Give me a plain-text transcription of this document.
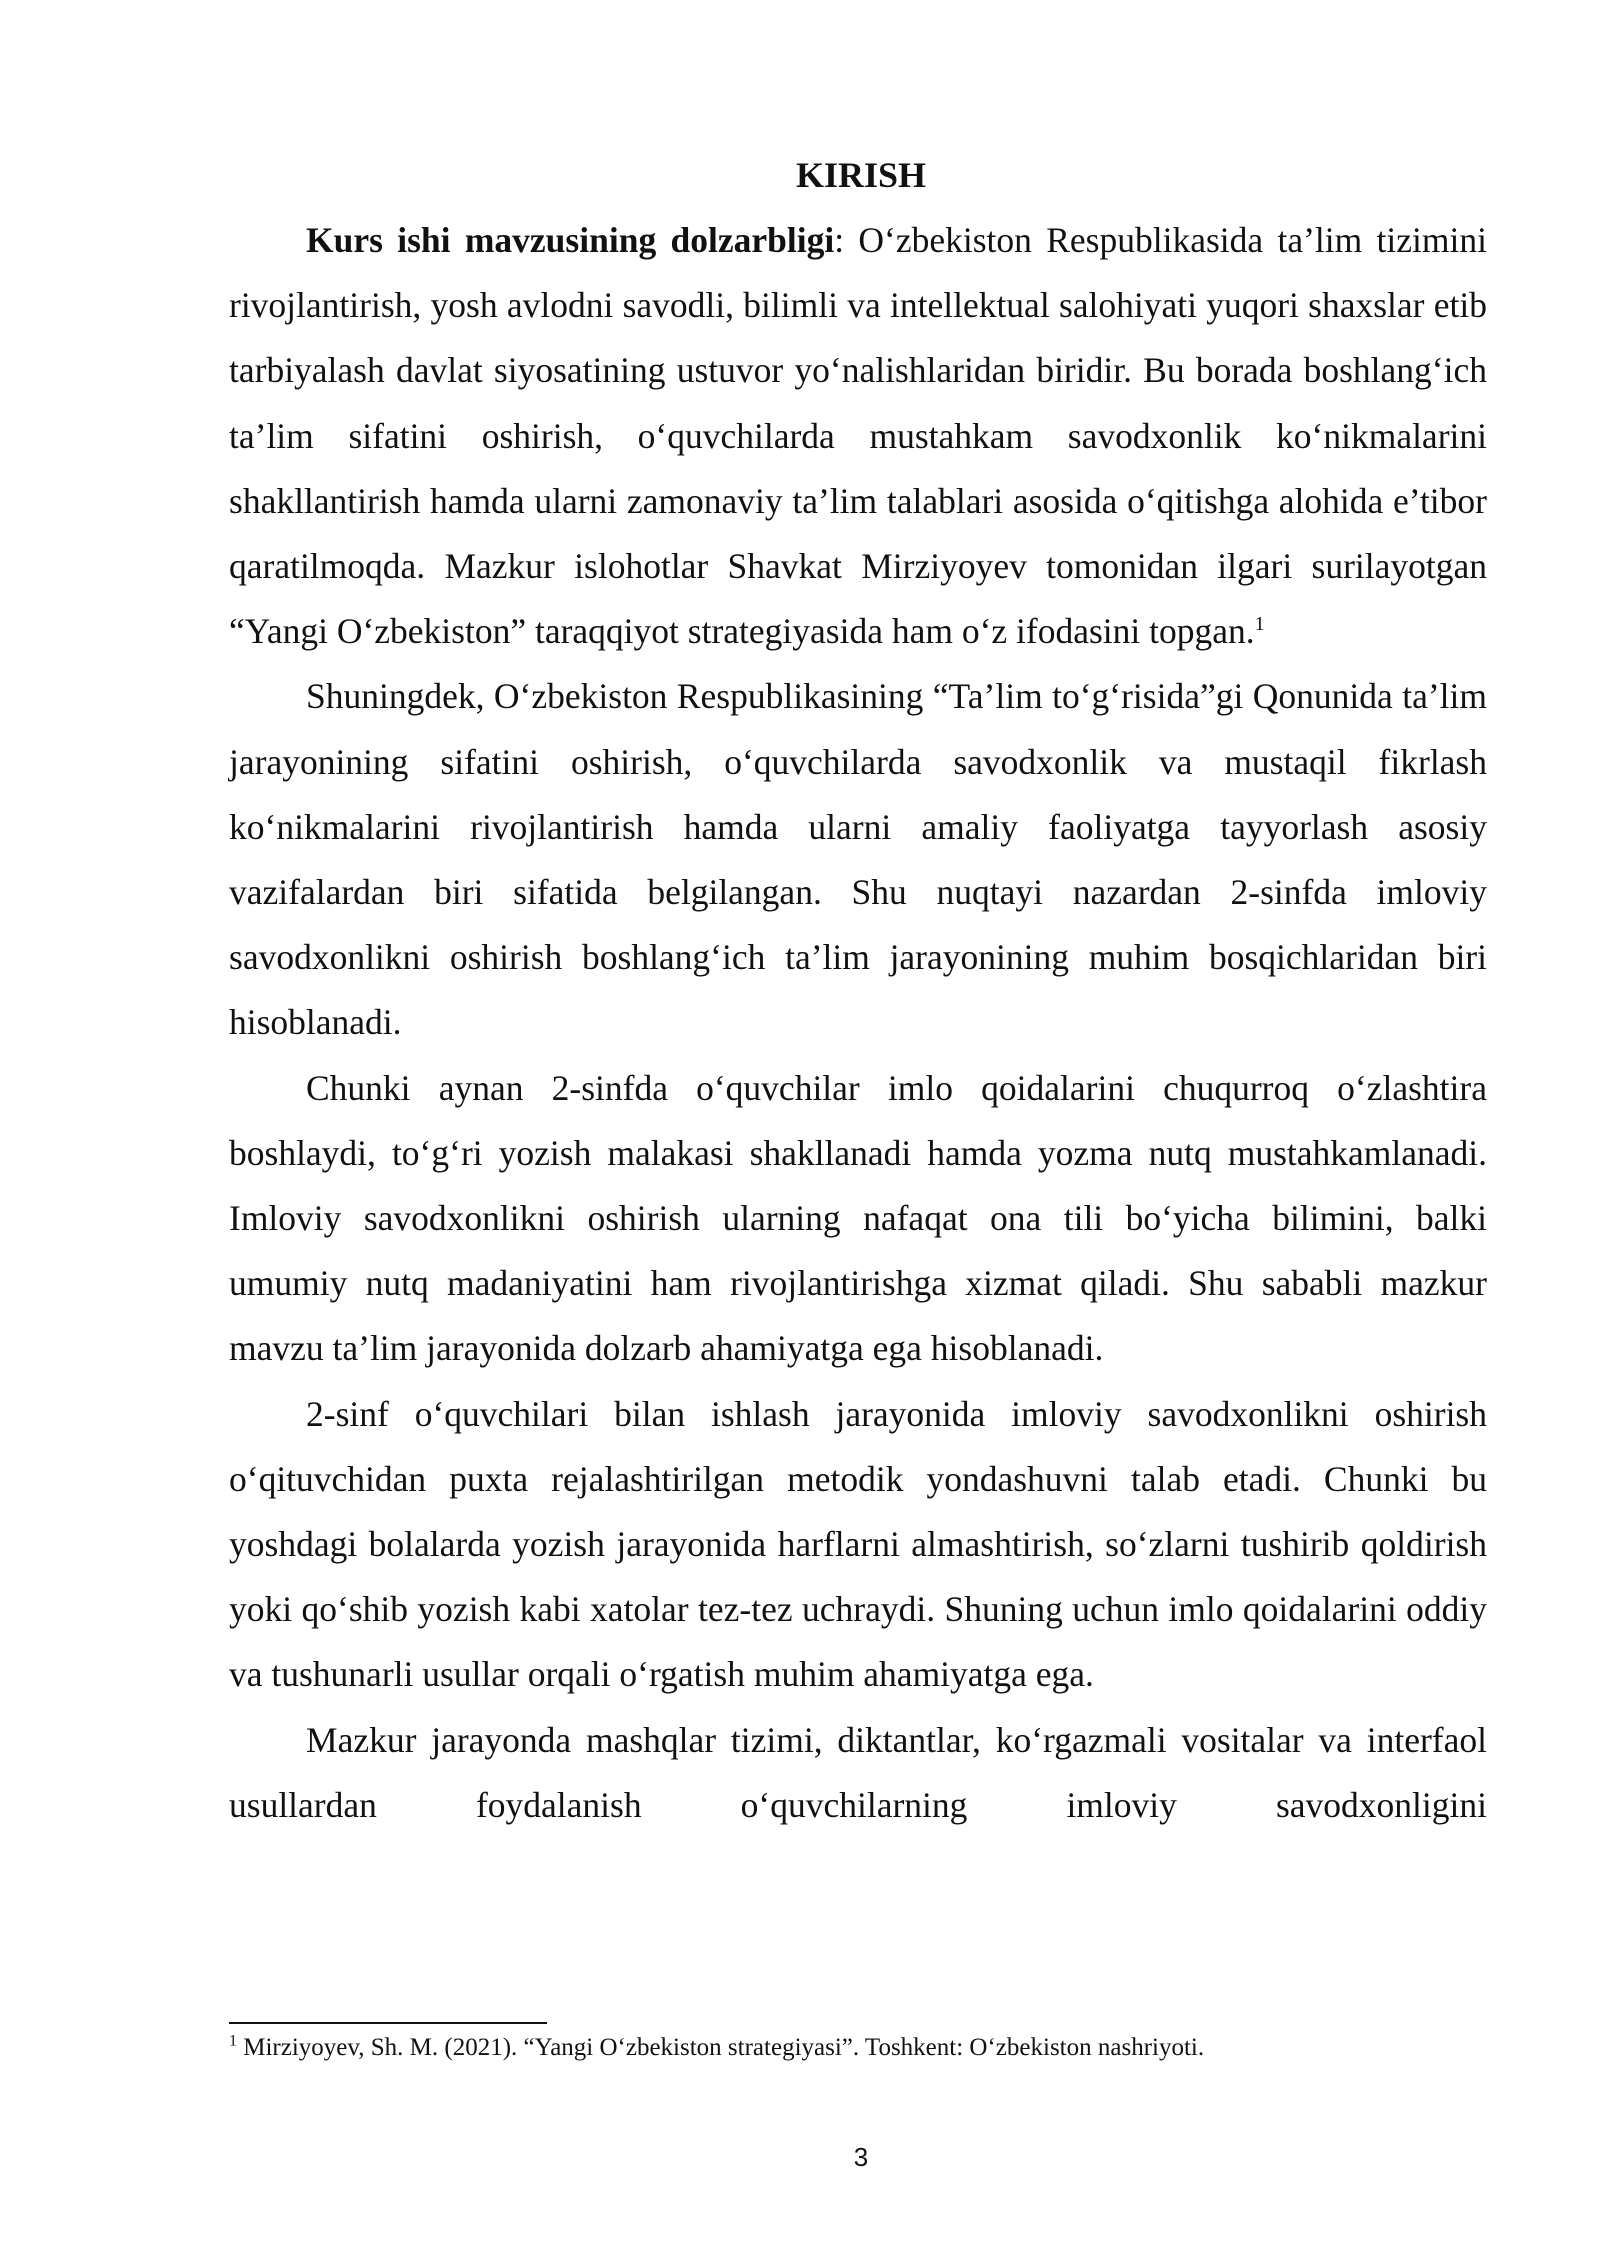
KIRISH

Kurs ishi mavzusining dolzarbligi: O‘zbekiston Respublikasida ta’lim tizimini rivojlantirish, yosh avlodni savodli, bilimli va intellektual salohiyati yuqori shaxslar etib tarbiyalash davlat siyosatining ustuvor yo‘nalishlaridan biridir. Bu borada boshlang‘ich ta’lim sifatini oshirish, o‘quvchilarda mustahkam savodxonlik ko‘nikmalarini shakllantirish hamda ularni zamonaviy ta’lim talablari asosida o‘qitishga alohida e’tibor qaratilmoqda. Mazkur islohotlar Shavkat Mirziyoyev tomonidan ilgari surilayotgan “Yangi O‘zbekiston” taraqqiyot strategiyasida ham o‘z ifodasini topgan.$^1$

Shuningdek, O‘zbekiston Respublikasining “Ta’lim to‘g‘risida”gi Qonunida ta’lim jarayonining sifatini oshirish, o‘quvchilarda savodxonlik va mustaqil fikrlash ko‘nikmalarini rivojlantirish hamda ularni amaliy faoliyatga tayyorlash asosiy vazifalardan biri sifatida belgilangan. Shu nuqtayi nazardan 2-sinfda imloviy savodxonlikni oshirish boshlang‘ich ta’lim jarayonining muhim bosqichlaridan biri hisoblanadi.

Chunki aynan 2-sinfda o‘quvchilar imlo qoidalarini chuqurroq o‘zlashtira boshlaydi, to‘g‘ri yozish malakasi shakllanadi hamda yozma nutq mustahkamlanadi. Imloviy savodxonlikni oshirish ularning nafaqat ona tili bo‘yicha bilimini, balki umumiy nutq madaniyatini ham rivojlantirishga xizmat qiladi. Shu sababli mazkur mavzu ta’lim jarayonida dolzarb ahamiyatga ega hisoblanadi.

2-sinf o‘quvchilari bilan ishlash jarayonida imloviy savodxonlikni oshirish o‘qituvchidan puxta rejalashtirilgan metodik yondashuvni talab etadi. Chunki bu yoshdagi bolalarda yozish jarayonida harflarni almashtirish, so‘zlarni tushirib qoldirish yoki qo‘shib yozish kabi xatolar tez-tez uchraydi. Shuning uchun imlo qoidalarini oddiy va tushunarli usullar orqali o‘rgatish muhim ahamiyatga ega.

Mazkur jarayonda mashqlar tizimi, diktantlar, ko‘rgazmali vositalar va interfaol usullardan foydalanish o‘quvchilarning imloviy savodxonligini

$^1$ Mirziyoyev, Sh. M. (2021). “Yangi O‘zbekiston strategiyasi”. Toshkent: O‘zbekiston nashriyoti.

3
